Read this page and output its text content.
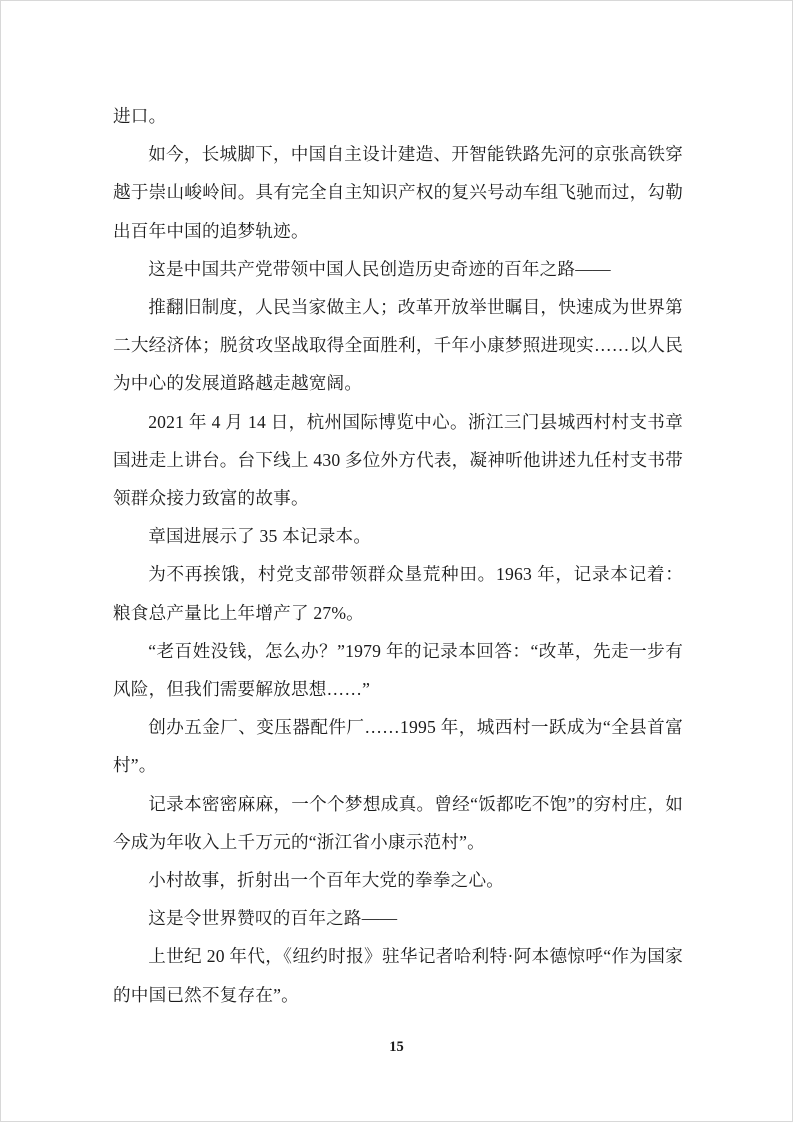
进口。

如今，长城脚下，中国自主设计建造、开智能铁路先河的京张高铁穿越于崇山峻岭间。具有完全自主知识产权的复兴号动车组飞驰而过，勾勒出百年中国的追梦轨迹。

这是中国共产党带领中国人民创造历史奇迹的百年之路——

推翻旧制度，人民当家做主人；改革开放举世瞩目，快速成为世界第二大经济体；脱贫攻坚战取得全面胜利，千年小康梦照进现实……以人民为中心的发展道路越走越宽阔。

2021 年 4 月 14 日，杭州国际博览中心。浙江三门县城西村村支书章国进走上讲台。台下线上 430 多位外方代表，凝神听他讲述九任村支书带领群众接力致富的故事。

章国进展示了 35 本记录本。

为不再挨饿，村党支部带领群众垦荒种田。1963 年，记录本记着：粮食总产量比上年增产了 27%。

“老百姓没钱，怎么办？”1979 年的记录本回答：“改革，先走一步有风险，但我们需要解放思想……”

创办五金厂、变压器配件厂……1995 年，城西村一跃成为“全县首富村”。

记录本密密麻麻，一个个梦想成真。曾经“饭都吃不饱”的穷村庄，如今成为年收入上千万元的“浙江省小康示范村”。

小村故事，折射出一个百年大党的拳拳之心。

这是令世界赞叹的百年之路——

上世纪 20 年代，《纽约时报》驻华记者哈利特·阿本德惊呼“作为国家的中国已然不复存在”。

15
